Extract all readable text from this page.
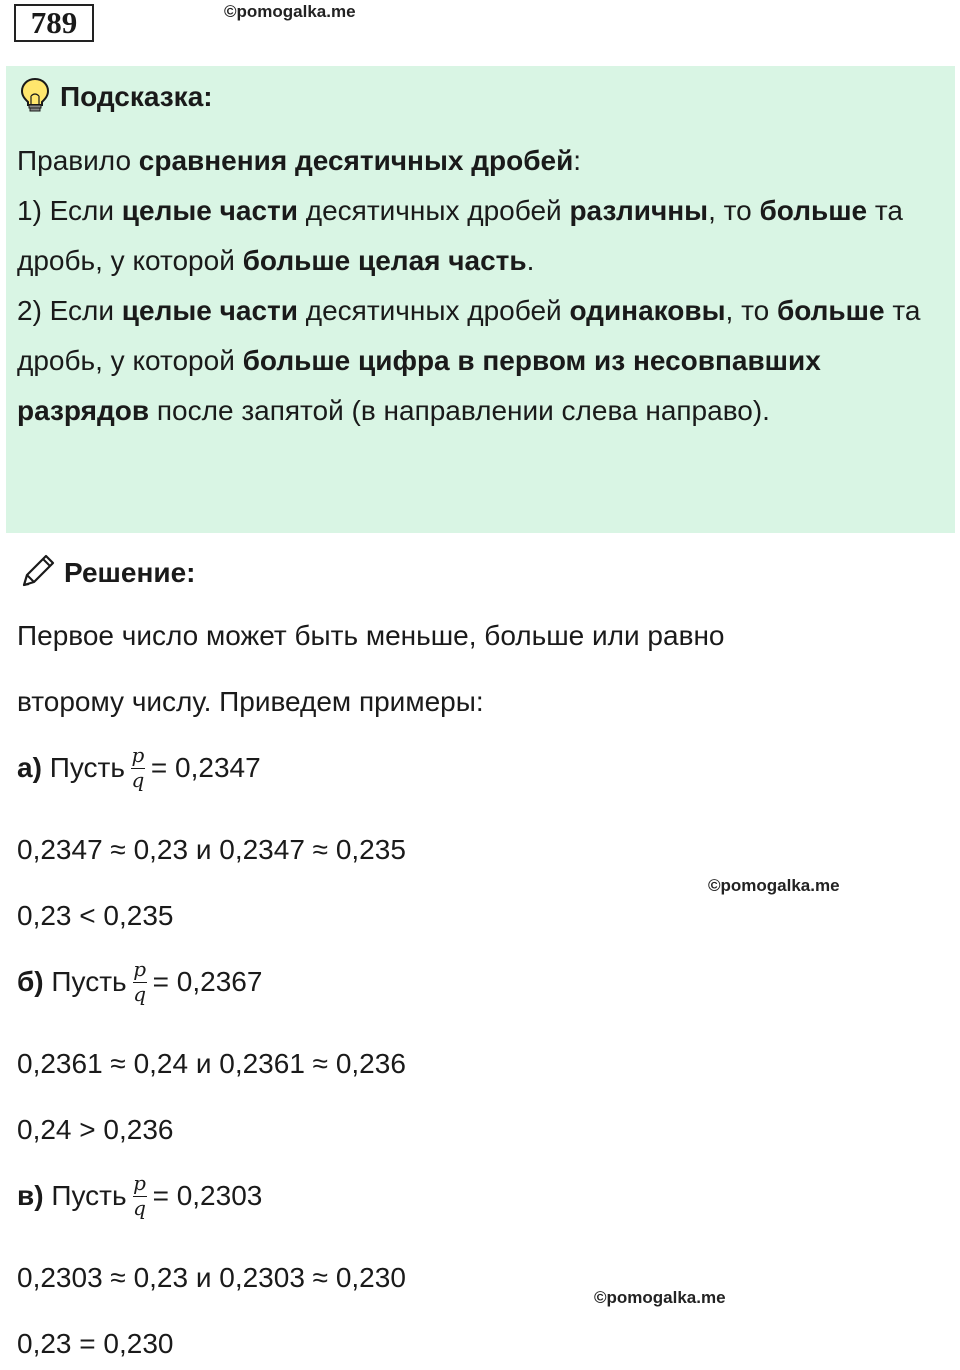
789	©pomogalka.me
Подсказка:

Правило сравнения десятичных дробей:

1) Если целые части десятичных дробей различны, то больше та дробь, у которой больше целая часть.

2) Если целые части десятичных дробей одинаковы, то больше та дробь, у которой больше цифра в первом из несовпавших разрядов после запятой (в направлении слева направо).

Решение:
Первое число может быть меньше, больше или равно
второму числу. Приведем примеры:
а)
Пусть $\frac{p}{q} = 0,2347$
0,2347 ≈ 0,23 и 0,2347 ≈ 0,235
0,23 < 0,235
©pomogalka.me
б)
Пусть $\frac{p}{q} = 0,2367$
0,2361 ≈ 0,24 и 0,2361 ≈ 0,236
0,24 > 0,236
в)
Пусть $\frac{p}{q} = 0,2303$
0,2303 ≈ 0,23 и 0,2303 ≈ 0,230
©pomogalka.me
0,23 = 0,230
